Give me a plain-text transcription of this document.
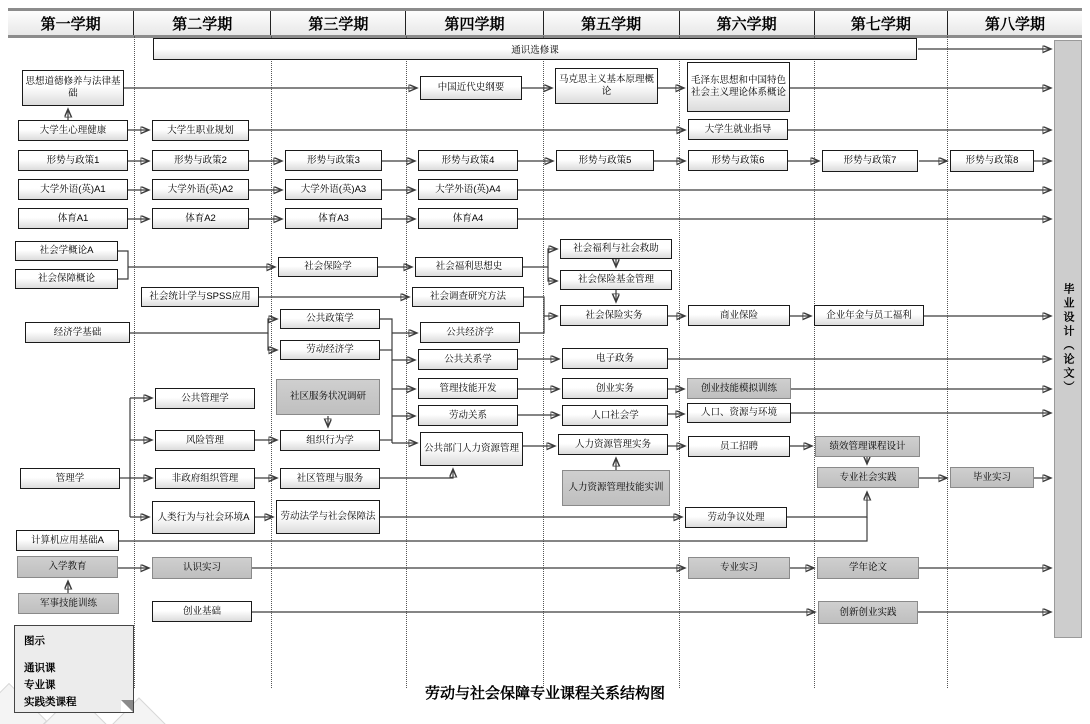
第一学期	第二学期	第三学期	第四学期	第五学期	第六学期	第七学期	第八学期
通识选修课
毕业设计（论文）
思想道德修养与法律基础
大学生心理健康
形势与政策1
大学外语(英)A1
体育A1
社会学概论A
社会保障概论
经济学基础
管理学
计算机应用基础A
入学教育
军事技能训练
大学生职业规划
形势与政策2
大学外语(英)A2
体育A2
社会统计学与SPSS应用
公共管理学
风险管理
非政府组织管理
人类行为与社会环境A
认识实习
创业基础
形势与政策3
大学外语(英)A3
体育A3
社会保险学
公共政策学
劳动经济学
社区服务状况调研
组织行为学
社区管理与服务
劳动法学与社会保障法
中国近代史纲要
形势与政策4
大学外语(英)A4
体育A4
社会福利思想史
社会调查研究方法
公共经济学
公共关系学
管理技能开发
劳动关系
公共部门人力资源管理
马克思主义基本原理概论
形势与政策5
社会福利与社会救助
社会保险基金管理
社会保险实务
电子政务
创业实务
人口社会学
人力资源管理实务
人力资源管理技能实训
毛泽东思想和中国特色社会主义理论体系概论
大学生就业指导
形势与政策6
商业保险
创业技能模拟训练
人口、资源与环境
员工招聘
劳动争议处理
专业实习
形势与政策7
企业年金与员工福利
绩效管理课程设计
专业社会实践
学年论文
创新创业实践
形势与政策8
毕业实习
图示
通识课
专业课
实践类课程	劳动与社会保障专业课程关系结构图
